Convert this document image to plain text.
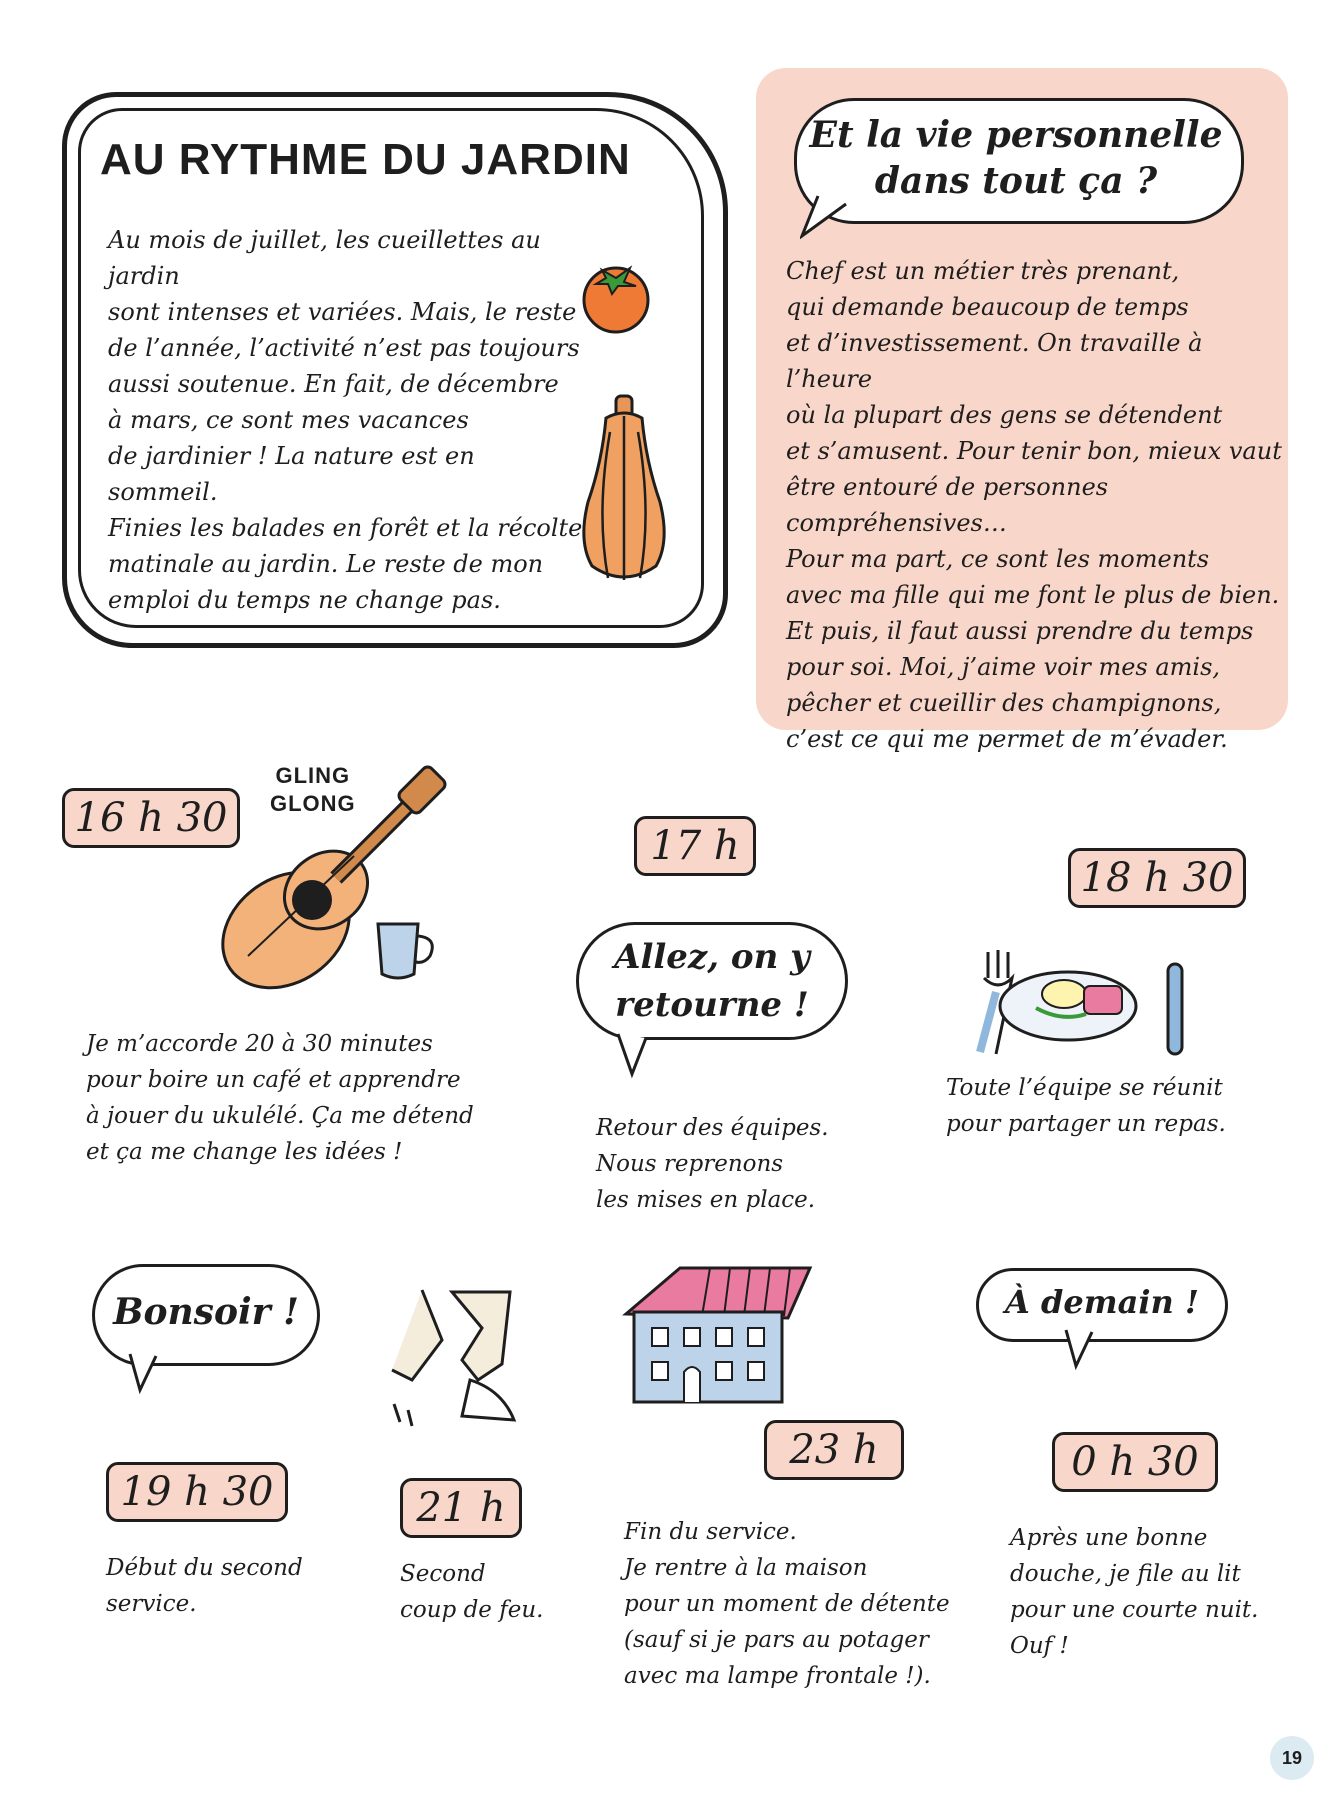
AU RYTHME DU JARDIN
Au mois de juillet, les cueillettes au jardin
sont intenses et variées. Mais, le reste
de l’année, l’activité n’est pas toujours
aussi soutenue. En fait, de décembre
à mars, ce sont mes vacances
de jardinier ! La nature est en sommeil.
Finies les balades en forêt et la récolte
matinale au jardin. Le reste de mon
emploi du temps ne change pas.
Et la vie personnelle
dans tout ça ?
Chef est un métier très prenant,
qui demande beaucoup de temps
et d’investissement. On travaille à l’heure
où la plupart des gens se détendent
et s’amusent. Pour tenir bon, mieux vaut
être entouré de personnes compréhensives…
Pour ma part, ce sont les moments
avec ma fille qui me font le plus de bien.
Et puis, il faut aussi prendre du temps
pour soi. Moi, j’aime voir mes amis,
pêcher et cueillir des champignons,
c’est ce qui me permet de m’évader.
16 h 30
GLING
GLONG
Je m’accorde 20 à 30 minutes
pour boire un café et apprendre
à jouer du ukulélé. Ça me détend
et ça me change les idées !
17 h
Allez, on y
retourne !
Retour des équipes.
Nous reprenons
les mises en place.
18 h 30
Toute l’équipe se réunit
pour partager un repas.
Bonsoir !
19 h 30
Début du second
service.
21 h
Second
coup de feu.
23 h
Fin du service.
Je rentre à la maison
pour un moment de détente
(sauf si je pars au potager
avec ma lampe frontale !).
À demain !
0 h 30
Après une bonne
douche, je file au lit
pour une courte nuit.
Ouf !
19
